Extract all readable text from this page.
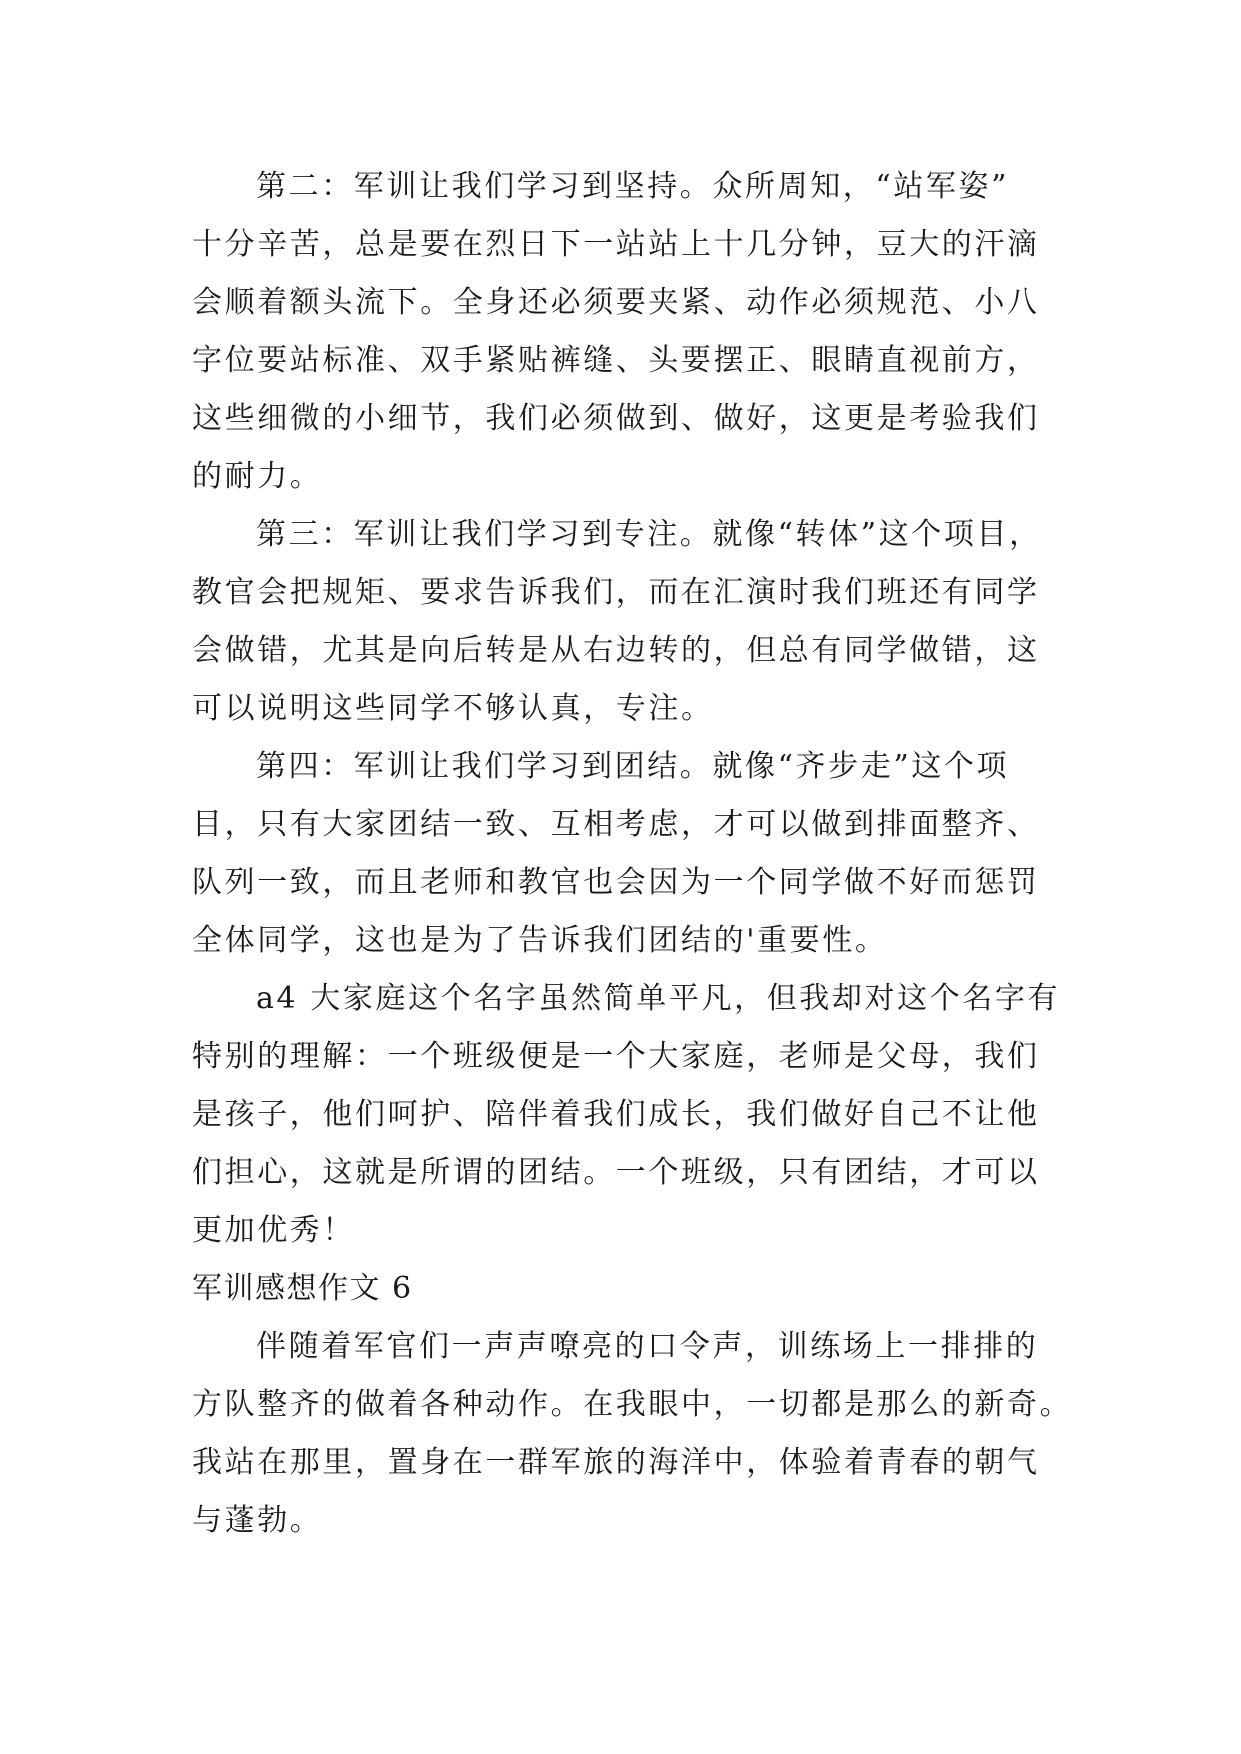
第二：军训让我们学习到坚持。众所周知，“站军姿”
十分辛苦，总是要在烈日下一站站上十几分钟，豆大的汗滴
会顺着额头流下。全身还必须要夹紧、动作必须规范、小八
字位要站标准、双手紧贴裤缝、头要摆正、眼睛直视前方，
这些细微的小细节，我们必须做到、做好，这更是考验我们
的耐力。
第三：军训让我们学习到专注。就像“转体”这个项目，
教官会把规矩、要求告诉我们，而在汇演时我们班还有同学
会做错，尤其是向后转是从右边转的，但总有同学做错，这
可以说明这些同学不够认真，专注。
第四：军训让我们学习到团结。就像“齐步走”这个项
目，只有大家团结一致、互相考虑，才可以做到排面整齐、
队列一致，而且老师和教官也会因为一个同学做不好而惩罚
全体同学，这也是为了告诉我们团结的'重要性。
a4 大家庭这个名字虽然简单平凡，但我却对这个名字有
特别的理解：一个班级便是一个大家庭，老师是父母，我们
是孩子，他们呵护、陪伴着我们成长，我们做好自己不让他
们担心，这就是所谓的团结。一个班级，只有团结，才可以
更加优秀！
军训感想作文 6
伴随着军官们一声声嘹亮的口令声，训练场上一排排的
方队整齐的做着各种动作。在我眼中，一切都是那么的新奇。
我站在那里，置身在一群军旅的海洋中，体验着青春的朝气
与蓬勃。
